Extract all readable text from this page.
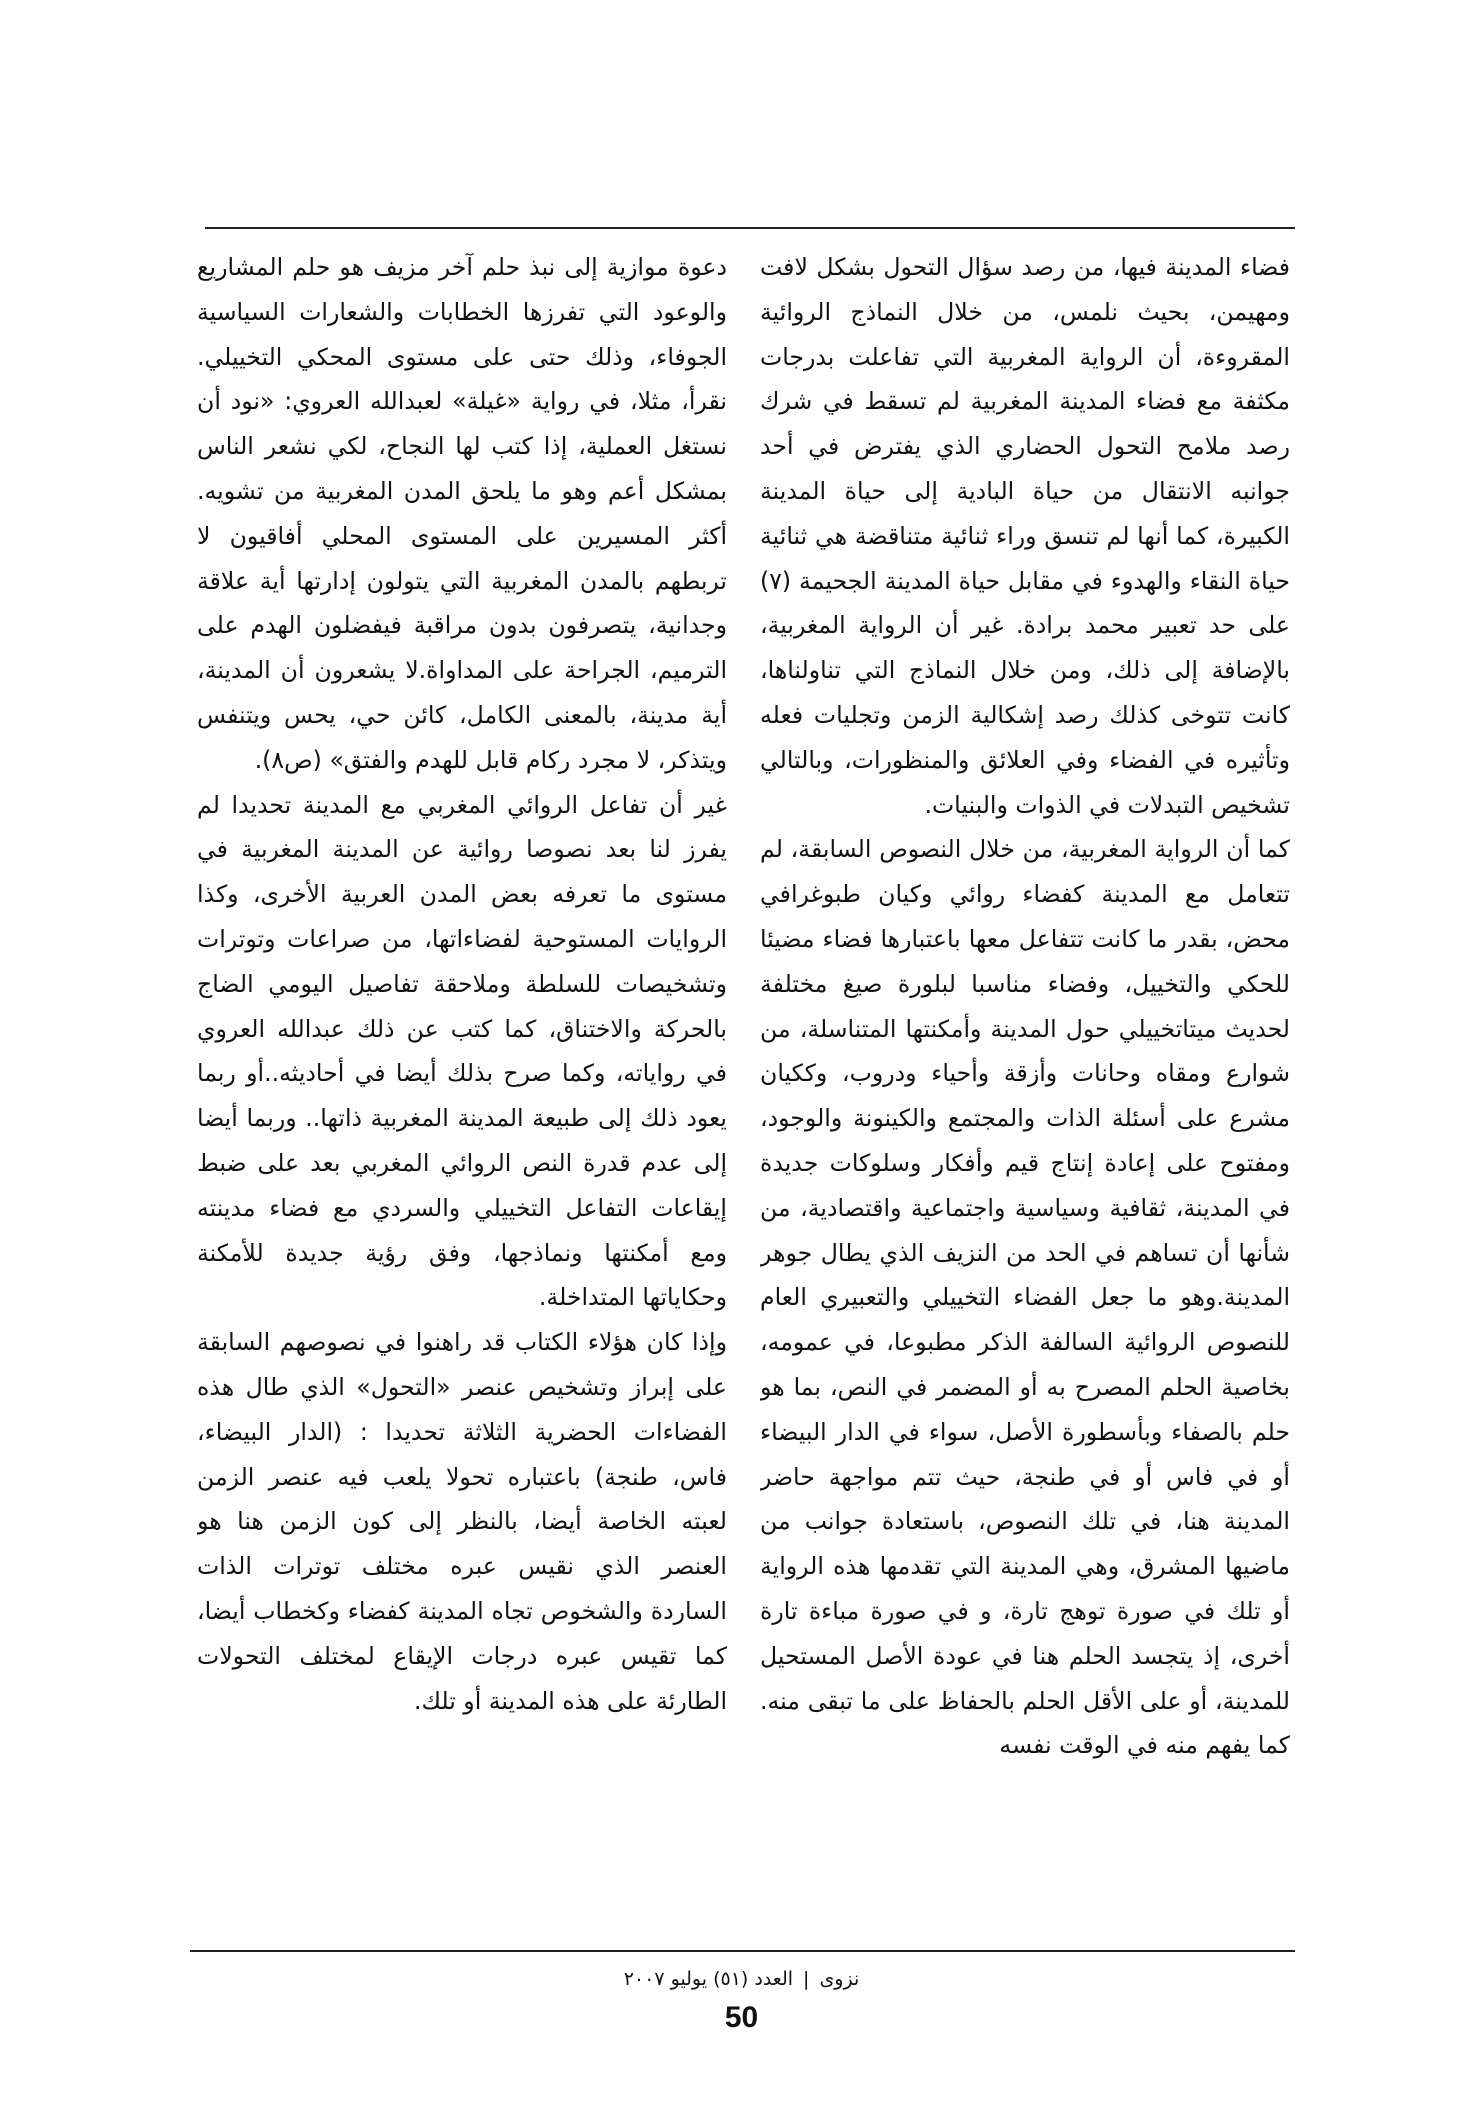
فضاء المدينة فيها، من رصد سؤال التحول بشكل لافت ومهيمن، بحيث نلمس، من خلال النماذج الروائية المقروءة، أن الرواية المغربية التي تفاعلت بدرجات مكثفة مع فضاء المدينة المغربية لم تسقط في شرك رصد ملامح التحول الحضاري الذي يفترض في أحد جوانبه الانتقال من حياة البادية إلى حياة المدينة الكبيرة، كما أنها لم تنسق وراء ثنائية متناقضة هي ثنائية حياة النقاء والهدوء في مقابل حياة المدينة الجحيمة (٧) على حد تعبير محمد برادة. غير أن الرواية المغربية، بالإضافة إلى ذلك، ومن خلال النماذج التي تناولناها، كانت تتوخى كذلك رصد إشكالية الزمن وتجليات فعله وتأثيره في الفضاء وفي العلائق والمنظورات، وبالتالي تشخيص التبدلات في الذوات والبنيات.

كما أن الرواية المغربية، من خلال النصوص السابقة، لم تتعامل مع المدينة كفضاء روائي وكيان طبوغرافي محض، بقدر ما كانت تتفاعل معها باعتبارها فضاء مضيئا للحكي والتخييل، وفضاء مناسبا لبلورة صيغ مختلفة لحديث ميتاتخييلي حول المدينة وأمكنتها المتناسلة، من شوارع ومقاه وحانات وأزقة وأحياء ودروب، وككيان مشرع على أسئلة الذات والمجتمع والكينونة والوجود، ومفتوح على إعادة إنتاج قيم وأفكار وسلوكات جديدة في المدينة، ثقافية وسياسية واجتماعية واقتصادية، من شأنها أن تساهم في الحد من النزيف الذي يطال جوهر المدينة.وهو ما جعل الفضاء التخييلي والتعبيري العام للنصوص الروائية السالفة الذكر مطبوعا، في عمومه، بخاصية الحلم المصرح به أو المضمر في النص، بما هو حلم بالصفاء وبأسطورة الأصل، سواء في الدار البيضاء أو في فاس أو في طنجة، حيث تتم مواجهة حاضر المدينة هنا، في تلك النصوص، باستعادة جوانب من ماضيها المشرق، وهي المدينة التي تقدمها هذه الرواية أو تلك في صورة توهج تارة، و في صورة مباءة تارة أخرى، إذ يتجسد الحلم هنا في عودة الأصل المستحيل للمدينة، أو على الأقل الحلم بالحفاظ على ما تبقى منه. كما يفهم منه في الوقت نفسه

دعوة موازية إلى نبذ حلم آخر مزيف هو حلم المشاريع والوعود التي تفرزها الخطابات والشعارات السياسية الجوفاء، وذلك حتى على مستوى المحكي التخييلي. نقرأ، مثلا، في رواية «غيلة» لعبدالله العروي: «نود أن نستغل العملية، إذا كتب لها النجاح، لكي نشعر الناس بمشكل أعم وهو ما يلحق المدن المغربية من تشويه. أكثر المسيرين على المستوى المحلي أفاقيون لا تربطهم بالمدن المغربية التي يتولون إدارتها أية علاقة وجدانية، يتصرفون بدون مراقبة فيفضلون الهدم على الترميم، الجراحة على المداواة.لا يشعرون أن المدينة، أية مدينة، بالمعنى الكامل، كائن حي، يحس ويتنفس ويتذكر، لا مجرد ركام قابل للهدم والفتق» (ص٨).

غير أن تفاعل الروائي المغربي مع المدينة تحديدا لم يفرز لنا بعد نصوصا روائية عن المدينة المغربية في مستوى ما تعرفه بعض المدن العربية الأخرى، وكذا الروايات المستوحية لفضاءاتها، من صراعات وتوترات وتشخيصات للسلطة وملاحقة تفاصيل اليومي الضاج بالحركة والاختناق، كما كتب عن ذلك عبدالله العروي في رواياته، وكما صرح بذلك أيضا في أحاديثه..أو ربما يعود ذلك إلى طبيعة المدينة المغربية ذاتها.. وربما أيضا إلى عدم قدرة النص الروائي المغربي بعد على ضبط إيقاعات التفاعل التخييلي والسردي مع فضاء مدينته ومع أمكنتها ونماذجها، وفق رؤية جديدة للأمكنة وحكاياتها المتداخلة.

وإذا كان هؤلاء الكتاب قد راهنوا في نصوصهم السابقة على إبراز وتشخيص عنصر «التحول» الذي طال هذه الفضاءات الحضرية الثلاثة تحديدا : (الدار البيضاء، فاس، طنجة) باعتباره تحولا يلعب فيه عنصر الزمن لعبته الخاصة أيضا، بالنظر إلى كون الزمن هنا هو العنصر الذي نقيس عبره مختلف توترات الذات الساردة والشخوص تجاه المدينة كفضاء وكخطاب أيضا، كما تقيس عبره درجات الإيقاع لمختلف التحولات الطارئة على هذه المدينة أو تلك.

نزوى|العدد (٥١) يوليو ٢٠٠٧
50
